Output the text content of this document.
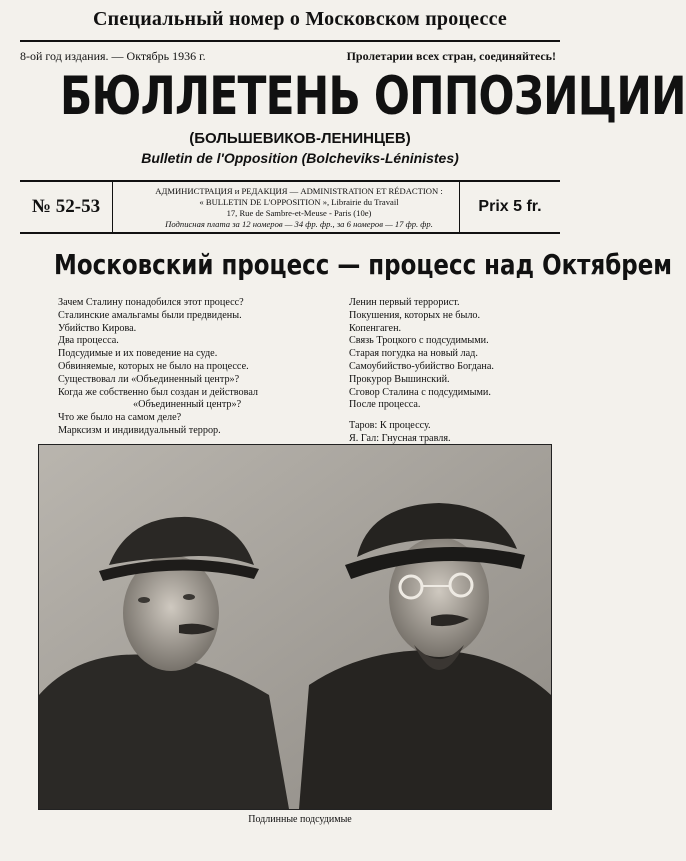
Специальный номер о Московском процессе
8-ой год издания. — Октябрь 1936 г.	Пролетарии всех стран, соединяйтесь!
БЮЛЛЕТЕНЬ ОППОЗИЦИИ
(БОЛЬШЕВИКОВ-ЛЕНИНЦЕВ)
Bulletin de l'Opposition (Bolcheviks-Léninistes)
№ 52-53
АДМИНИСТРАЦИЯ и РЕДАКЦИЯ — ADMINISTRATION ET RÉDACTION :
« BULLETIN DE L'OPPOSITION », Librairie du Travail
17, Rue de Sambre-et-Meuse - Paris (10e)
Подписная плата за 12 номеров — 34 фр. фр., за 6 номеров — 17 фр. фр.
Prix 5 fr.
Московский процесс — процесс над Октябрем
Зачем Сталину понадобился этот процесс?
Сталинские амальгамы были предвидены.
Убийство Кирова.
Два процесса.
Подсудимые и их поведение на суде.
Обвиняемые, которых не было на процессе.
Существовал ли «Объединенный центр»?
Когда же собственно был создан и действовал
«Объединенный центр»?
Что же было на самом деле?
Марксизм и индивидуальный террор.
Ленин первый террорист.
Покушения, которых не было.
Копенгаген.
Связь Троцкого с подсудимыми.
Старая погудка на новый лад.
Самоубийство-убийство Богдана.
Прокурор Вышинский.
Сговор Сталина с подсудимыми.
После процесса.
Таров: К процессу.
Я. Гал: Гнусная травля.
Подлинные подсудимые
